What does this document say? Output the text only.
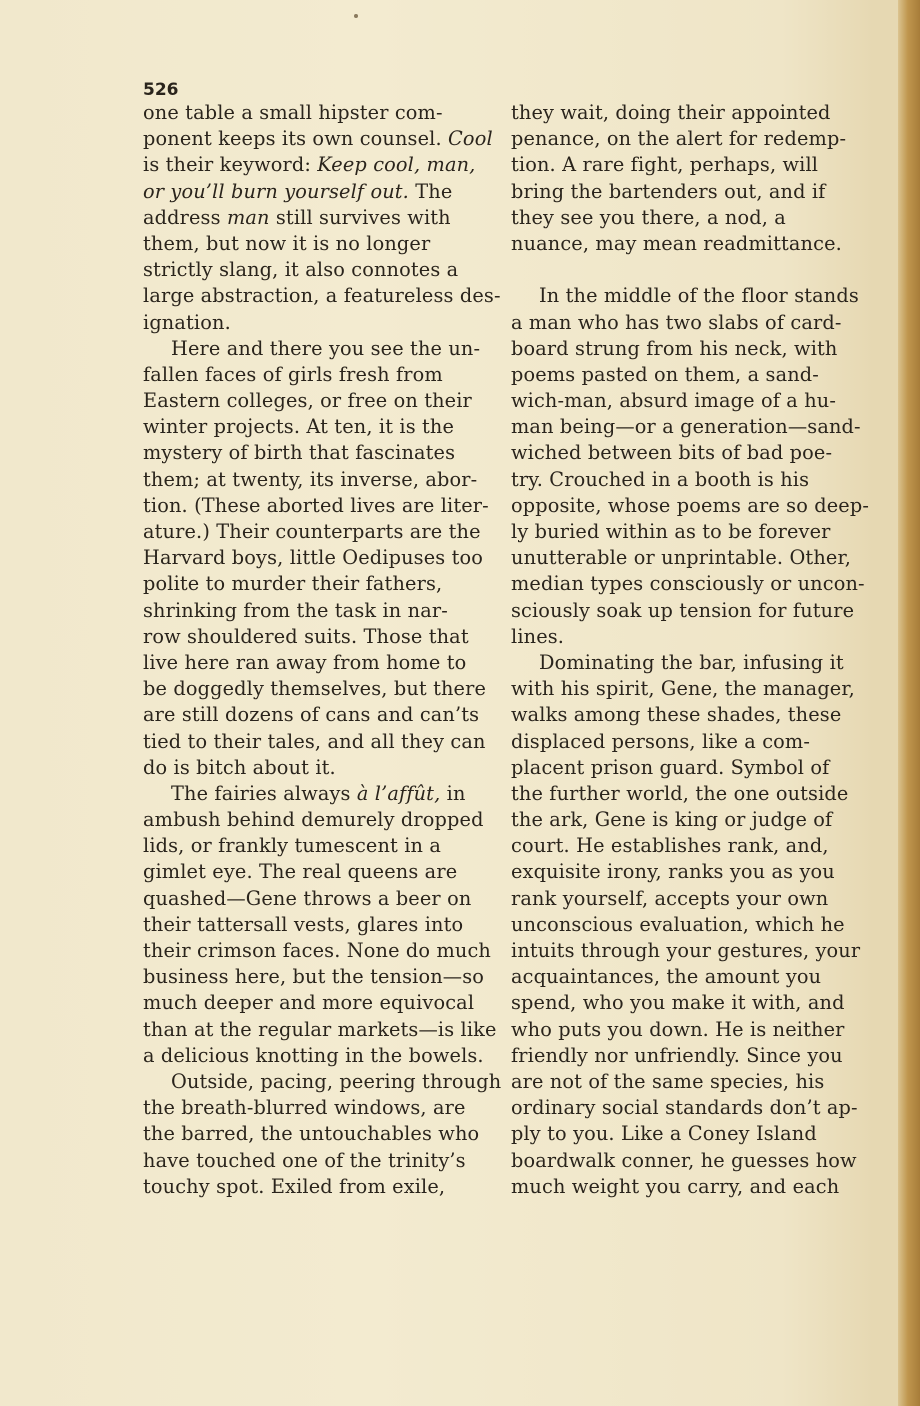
526
one table a small hipster com-
ponent keeps its own counsel. Cool
is their keyword: Keep cool, man,
or you’ll burn yourself out. The
address man still survives with
them, but now it is no longer
strictly slang, it also connotes a
large abstraction, a featureless des-
ignation.
Here and there you see the un-
fallen faces of girls fresh from
Eastern colleges, or free on their
winter projects. At ten, it is the
mystery of birth that fascinates
them; at twenty, its inverse, abor-
tion. (These aborted lives are liter-
ature.) Their counterparts are the
Harvard boys, little Oedipuses too
polite to murder their fathers,
shrinking from the task in nar-
row shouldered suits. Those that
live here ran away from home to
be doggedly themselves, but there
are still dozens of cans and can’ts
tied to their tales, and all they can
do is bitch about it.
The fairies always à l’affût, in
ambush behind demurely dropped
lids, or frankly tumescent in a
gimlet eye. The real queens are
quashed—Gene throws a beer on
their tattersall vests, glares into
their crimson faces. None do much
business here, but the tension—so
much deeper and more equivocal
than at the regular markets—is like
a delicious knotting in the bowels.
Outside, pacing, peering through
the breath-blurred windows, are
the barred, the untouchables who
have touched one of the trinity’s
touchy spot. Exiled from exile,
they wait, doing their appointed
penance, on the alert for redemp-
tion. A rare fight, perhaps, will
bring the bartenders out, and if
they see you there, a nod, a
nuance, may mean readmittance.
In the middle of the floor stands
a man who has two slabs of card-
board strung from his neck, with
poems pasted on them, a sand-
wich-man, absurd image of a hu-
man being—or a generation—sand-
wiched between bits of bad poe-
try. Crouched in a booth is his
opposite, whose poems are so deep-
ly buried within as to be forever
unutterable or unprintable. Other,
median types consciously or uncon-
sciously soak up tension for future
lines.
Dominating the bar, infusing it
with his spirit, Gene, the manager,
walks among these shades, these
displaced persons, like a com-
placent prison guard. Symbol of
the further world, the one outside
the ark, Gene is king or judge of
court. He establishes rank, and,
exquisite irony, ranks you as you
rank yourself, accepts your own
unconscious evaluation, which he
intuits through your gestures, your
acquaintances, the amount you
spend, who you make it with, and
who puts you down. He is neither
friendly nor unfriendly. Since you
are not of the same species, his
ordinary social standards don’t ap-
ply to you. Like a Coney Island
boardwalk conner, he guesses how
much weight you carry, and each
